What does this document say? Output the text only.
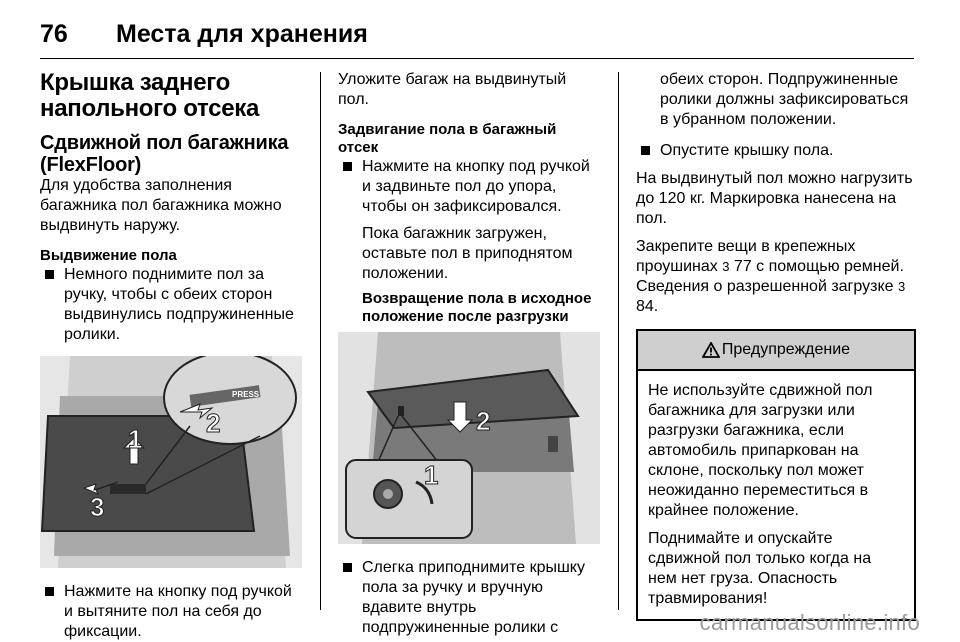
76 Места для хранения
Крышка заднего напольного отсека
Сдвижной пол багажника (FlexFloor)

Для удобства заполнения багажника пол багажника можно выдвинуть наружу.

Выдвижение пола
Немного поднимите пол за ручку, чтобы с обеих сторон выдвинулись подпружиненные ролики.
PRESS
1
2
3
Нажмите на кнопку под ручкой и вытяните пол на себя до фиксации.

Уложите багаж на выдвинутый пол.

Задвигание пола в багажный отсек
Нажмите на кнопку под ручкой и задвиньте пол до упора, чтобы он зафиксировался.

Пока багажник загружен, оставьте пол в приподнятом положении.

Возвращение пола в исходное положение после разгрузки
2
1
Слегка приподнимите крышку пола за ручку и вручную вдавите внутрь подпружиненные ролики с

обеих сторон. Подпружиненные ролики должны зафиксироваться в убранном положении.

Опустите крышку пола.

На выдвинутый пол можно нагрузить до 120 кг. Маркировка нанесена на пол.

Закрепите вещи в крепежных проушинах 3 77 с помощью ремней. Сведения о разрешенной загрузке 3 84.

Предупреждение

Не используйте сдвижной пол багажника для загрузки или разгрузки багажника, если автомобиль припаркован на склоне, поскольку пол может неожиданно переместиться в крайнее положение.

Поднимайте и опускайте сдвижной пол только когда на нем нет груза. Опасность травмирования!

carmanualsonline.info
